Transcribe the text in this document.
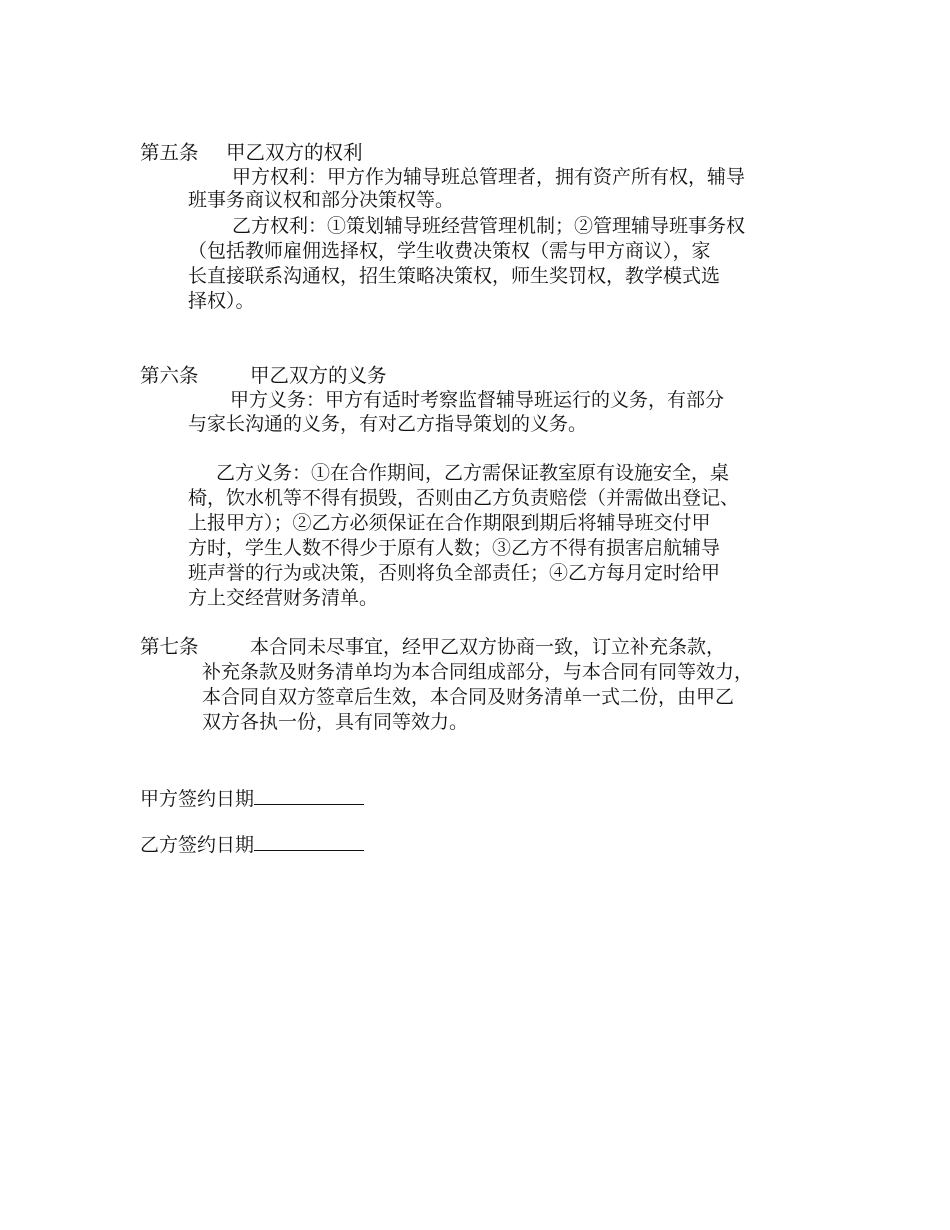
第五条 甲乙双方的权利
甲方权利：甲方作为辅导班总管理者，拥有资产所有权，辅导
班事务商议权和部分决策权等。
乙方权利：①策划辅导班经营管理机制；②管理辅导班事务权
（包括教师雇佣选择权，学生收费决策权（需与甲方商议），家
长直接联系沟通权，招生策略决策权，师生奖罚权，教学模式选
择权）。
第六条	甲乙双方的义务
甲方义务：甲方有适时考察监督辅导班运行的义务，有部分
与家长沟通的义务，有对乙方指导策划的义务。
乙方义务：①在合作期间，乙方需保证教室原有设施安全，桌
椅，饮水机等不得有损毁，否则由乙方负责赔偿（并需做出登记、
上报甲方）；②乙方必须保证在合作期限到期后将辅导班交付甲
方时，学生人数不得少于原有人数；③乙方不得有损害启航辅导
班声誉的行为或决策，否则将负全部责任；④乙方每月定时给甲
方上交经营财务清单。
第七条	本合同未尽事宜，经甲乙双方协商一致，订立补充条款，
补充条款及财务清单均为本合同组成部分，与本合同有同等效力，
本合同自双方签章后生效，本合同及财务清单一式二份，由甲乙
双方各执一份，具有同等效力。
甲方签约日期
乙方签约日期
